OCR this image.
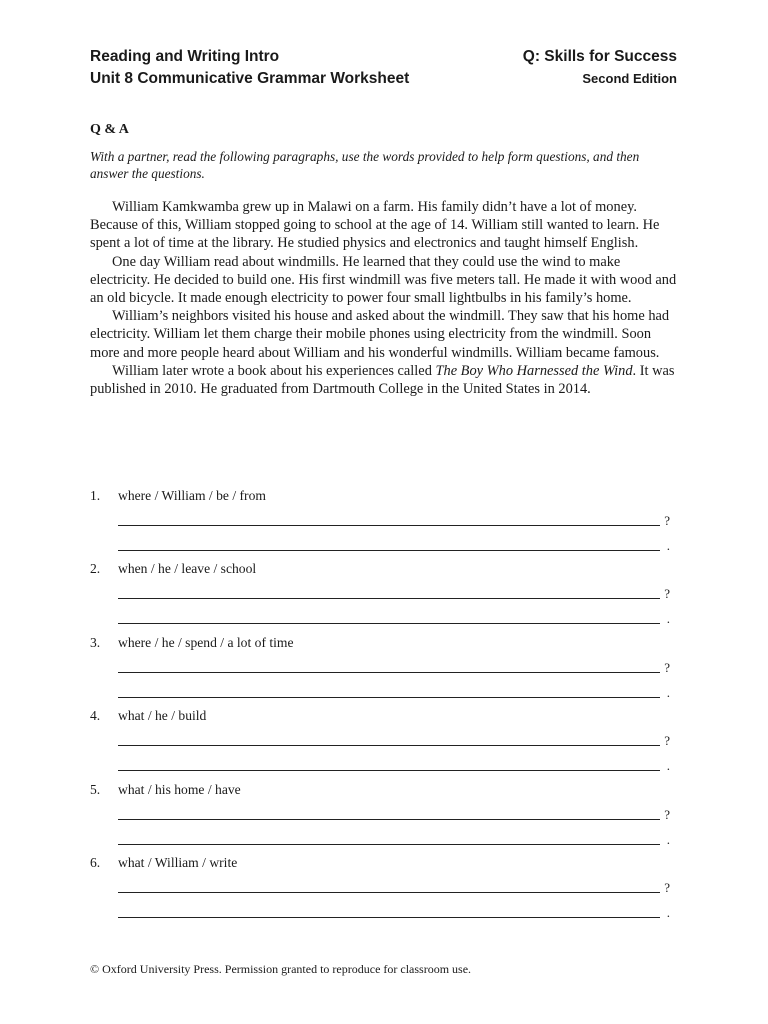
Reading and Writing Intro
Unit 8 Communicative Grammar Worksheet
Q: Skills for Success
Second Edition
Q & A
With a partner, read the following paragraphs, use the words provided to help form questions, and then answer the questions.

William Kamkwamba grew up in Malawi on a farm. His family didn’t have a lot of money. Because of this, William stopped going to school at the age of 14. William still wanted to learn. He spent a lot of time at the library. He studied physics and electronics and taught himself English.

One day William read about windmills. He learned that they could use the wind to make electricity. He decided to build one. His first windmill was five meters tall. He made it with wood and an old bicycle. It made enough electricity to power four small lightbulbs in his family’s home.

William’s neighbors visited his house and asked about the windmill. They saw that his home had electricity. William let them charge their mobile phones using electricity from the windmill. Soon more and more people heard about William and his wonderful windmills. William became famous.

William later wrote a book about his experiences called The Boy Who Harnessed the Wind. It was published in 2010. He graduated from Dartmouth College in the United States in 2014.

1. where / William / be / from
?
.
2. when / he / leave / school
?
.
3. where / he / spend / a lot of time
?
.
4. what / he / build
?
.
5. what / his home / have
?
.
6. what / William / write
?
.
© Oxford University Press. Permission granted to reproduce for classroom use.
